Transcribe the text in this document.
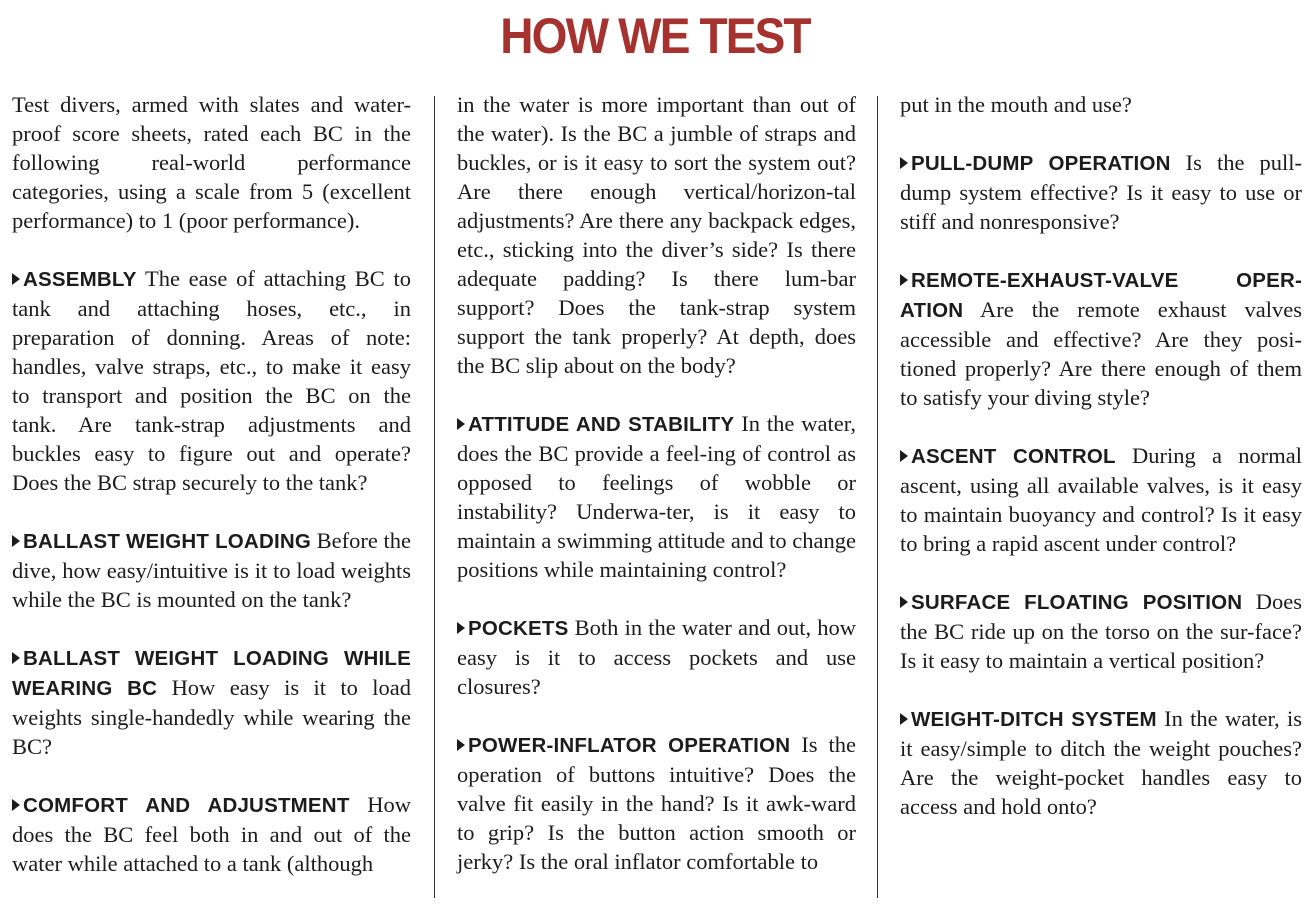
HOW WE TEST

Test divers, armed with slates and water-proof score sheets, rated each BC in the following real-world performance categories, using a scale from 5 (excellent performance) to 1 (poor performance).

ASSEMBLY The ease of attaching BC to tank and attaching hoses, etc., in preparation of donning. Areas of note: handles, valve straps, etc., to make it easy to transport and position the BC on the tank. Are tank-strap adjustments and buckles easy to figure out and operate? Does the BC strap securely to the tank?

BALLAST WEIGHT LOADING Before the dive, how easy/intuitive is it to load weights while the BC is mounted on the tank?

BALLAST WEIGHT LOADING WHILE WEARING BC How easy is it to load weights single-handedly while wearing the BC?

COMFORT AND ADJUSTMENT How does the BC feel both in and out of the water while attached to a tank (although

in the water is more important than out of the water). Is the BC a jumble of straps and buckles, or is it easy to sort the system out? Are there enough vertical/horizon-tal adjustments? Are there any backpack edges, etc., sticking into the diver’s side? Is there adequate padding? Is there lum-bar support? Does the tank-strap system support the tank properly? At depth, does the BC slip about on the body?

ATTITUDE AND STABILITY In the water, does the BC provide a feel-ing of control as opposed to feelings of wobble or instability? Underwa-ter, is it easy to maintain a swimming attitude and to change positions while maintaining control?

POCKETS Both in the water and out, how easy is it to access pockets and use closures?

POWER-INFLATOR OPERATION Is the operation of buttons intuitive? Does the valve fit easily in the hand? Is it awk-ward to grip? Is the button action smooth or jerky? Is the oral inflator comfortable to

put in the mouth and use?

PULL-DUMP OPERATION Is the pull-dump system effective? Is it easy to use or stiff and nonresponsive?

REMOTE-EXHAUST-VALVE OPER-ATION Are the remote exhaust valves accessible and effective? Are they posi-tioned properly? Are there enough of them to satisfy your diving style?

ASCENT CONTROL During a normal ascent, using all available valves, is it easy to maintain buoyancy and control? Is it easy to bring a rapid ascent under control?

SURFACE FLOATING POSITION Does the BC ride up on the torso on the sur-face? Is it easy to maintain a vertical position?

WEIGHT-DITCH SYSTEM In the water, is it easy/simple to ditch the weight pouches? Are the weight-pocket handles easy to access and hold onto?
